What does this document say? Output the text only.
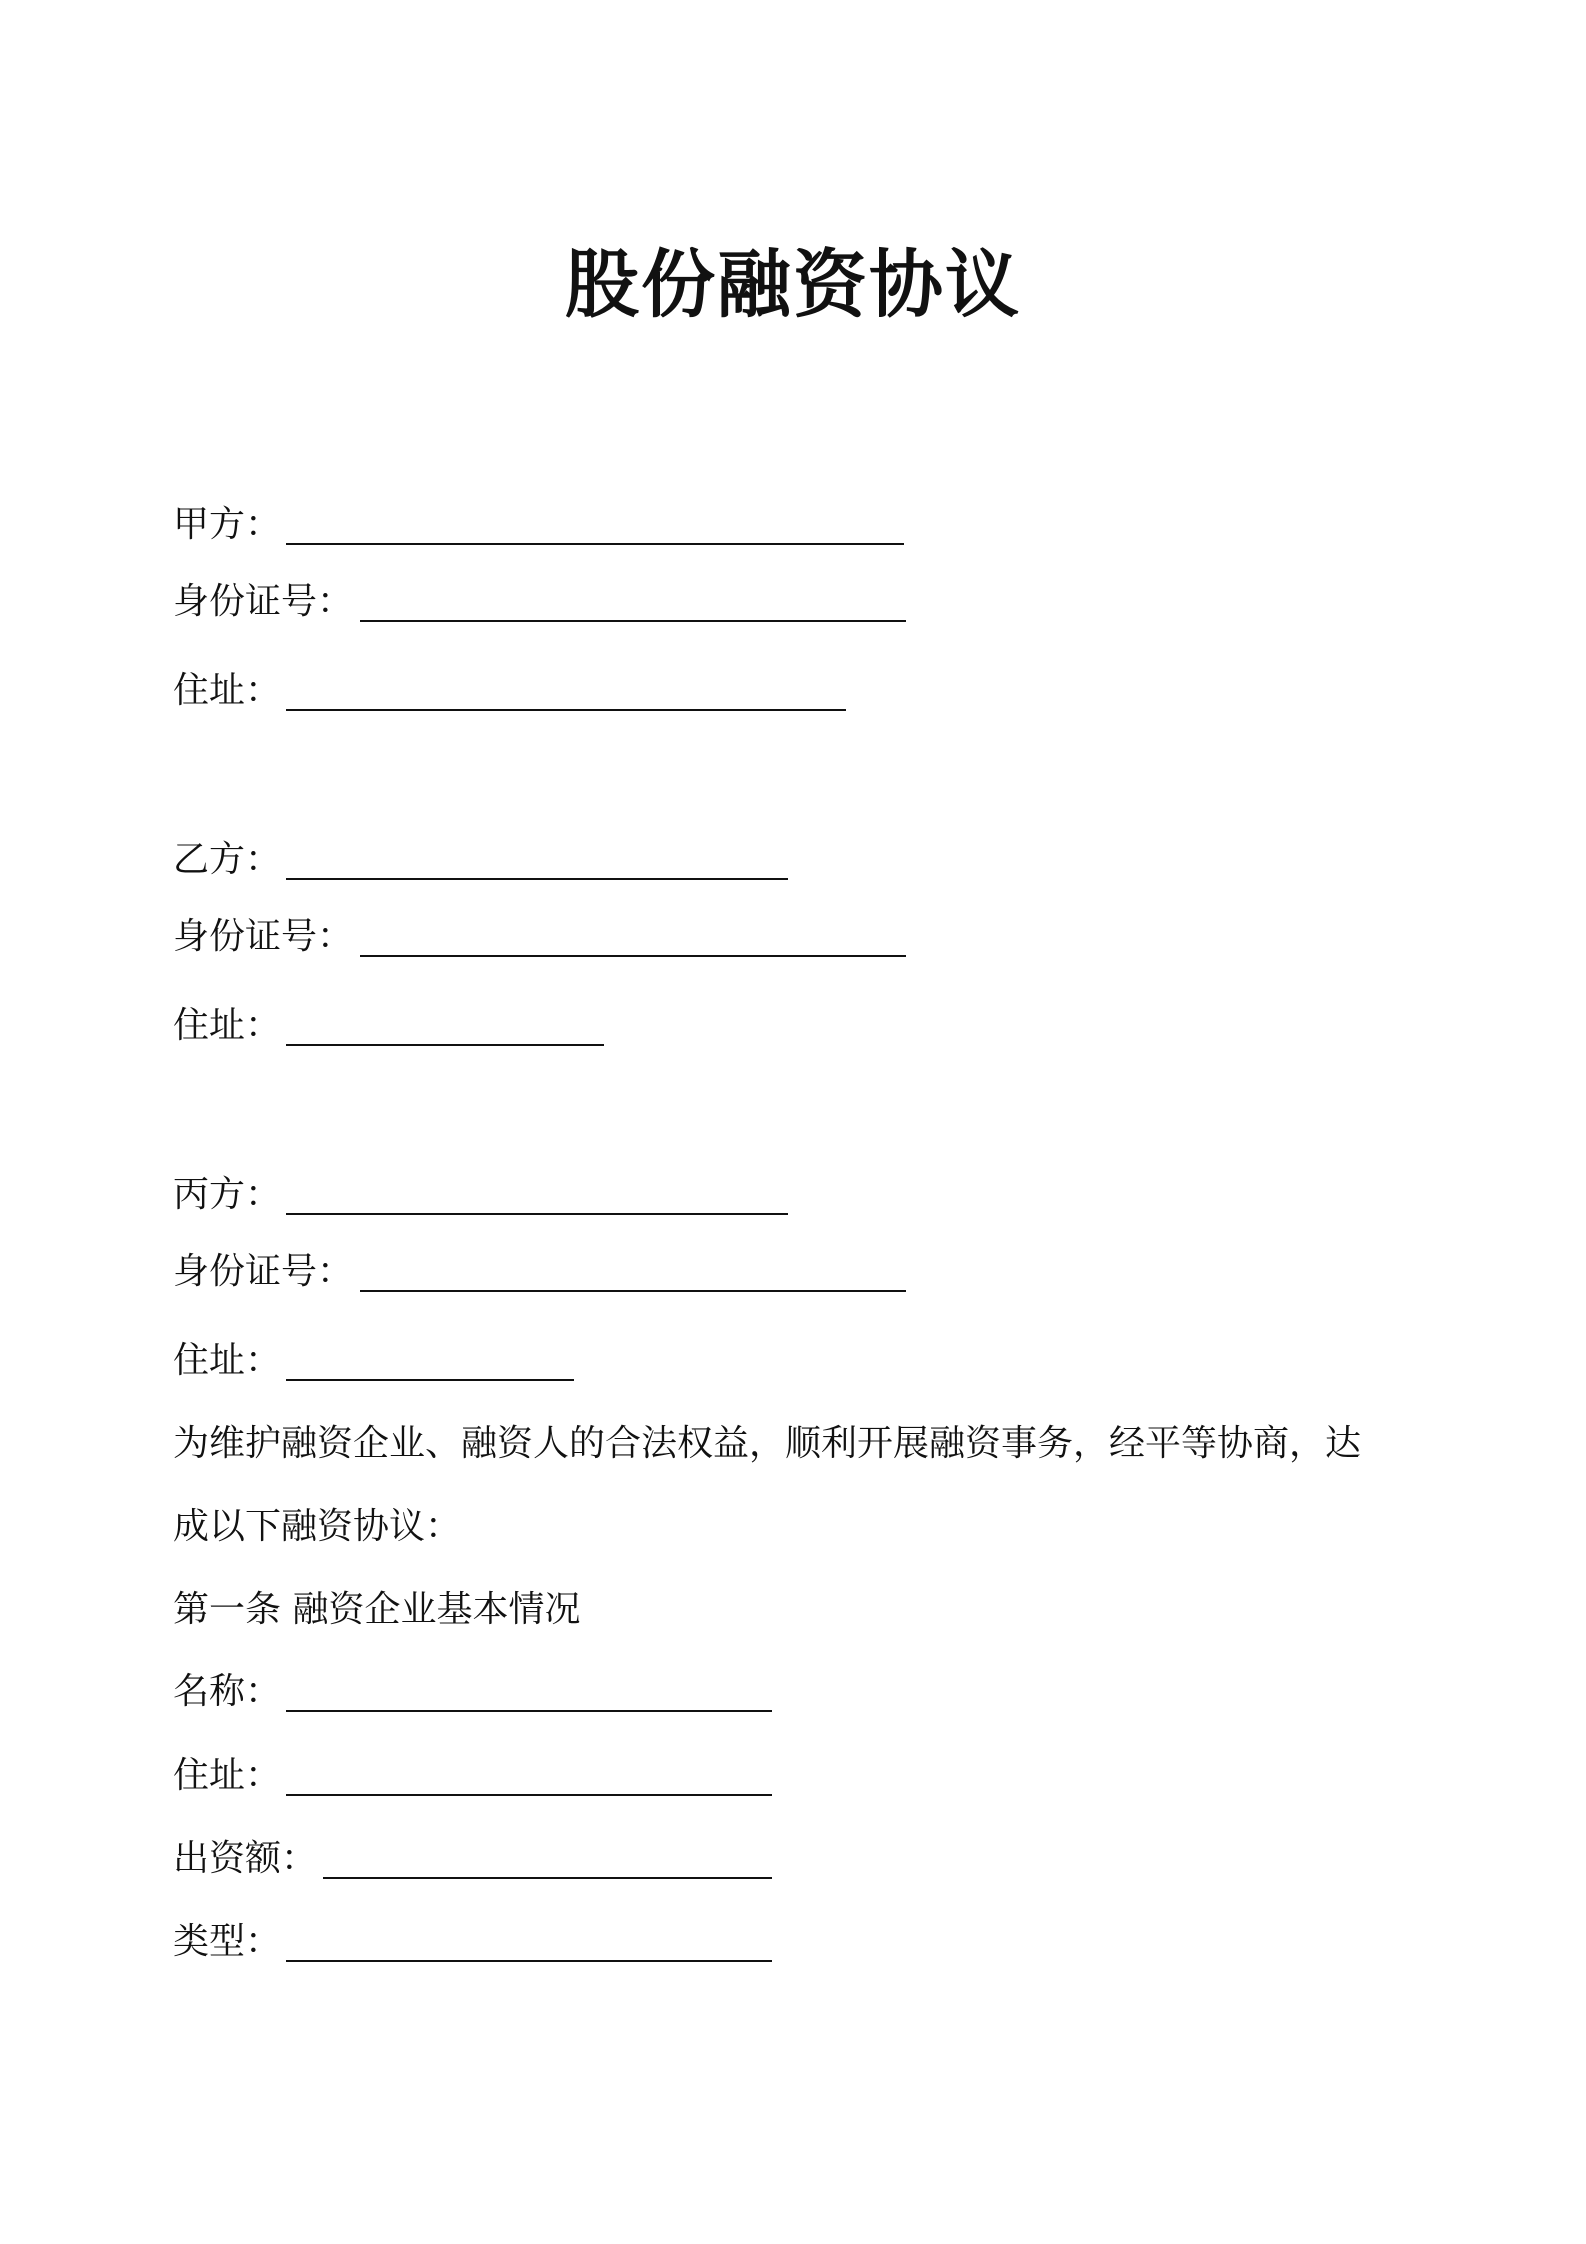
股份融资协议
甲方：
身份证号：
住址：
乙方：
身份证号：
住址：
丙方：
身份证号：
住址：

为维护融资企业、融资人的合法权益，顺利开展融资事务，经平等协商，达

成以下融资协议：

第一条 融资企业基本情况

名称：
住址：
出资额：
类型：
